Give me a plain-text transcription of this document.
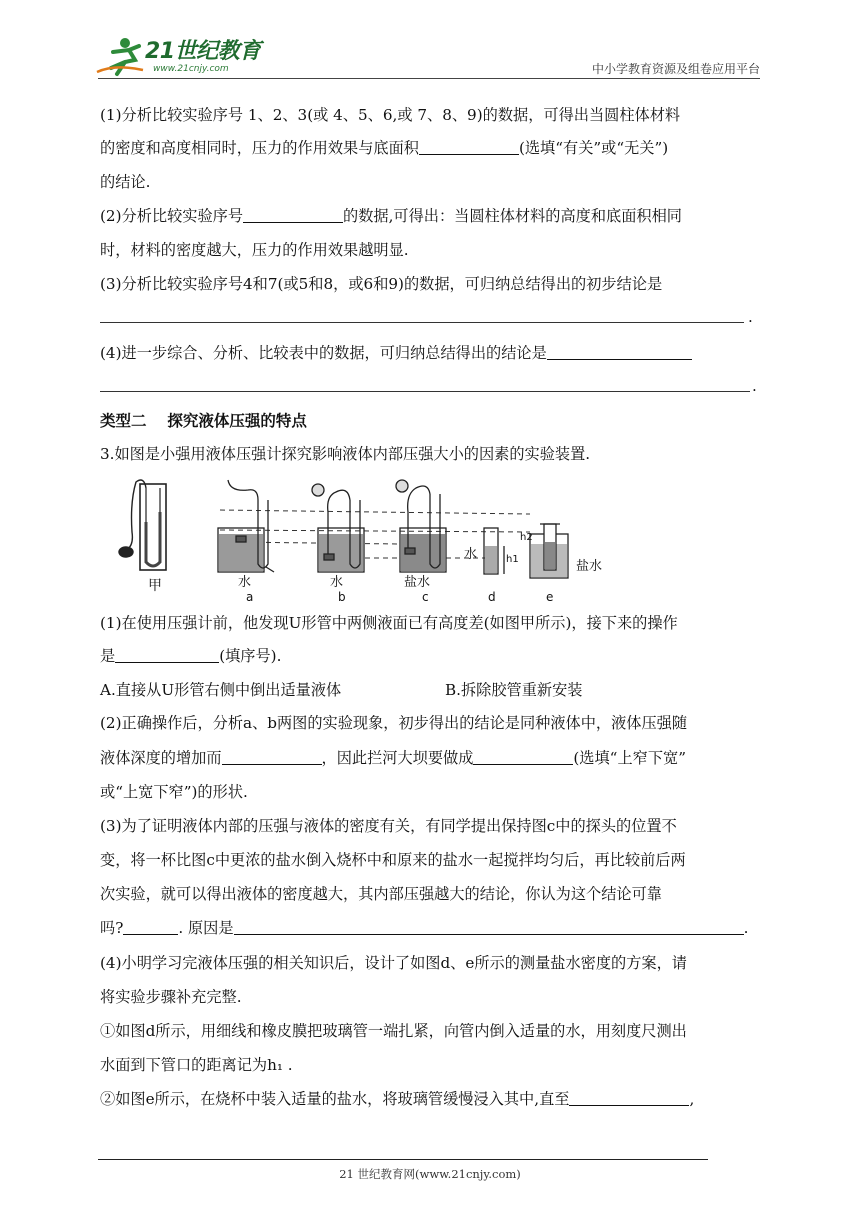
21世纪教育
www.21cnjy.com	中小学教育资源及组卷应用平台
(1)分析比较实验序号 1、2、3(或 4、5、6,或 7、8、9)的数据，可得出当圆柱体材料
的密度和高度相同时，压力的作用效果与底面积	(选填“有关”或“无关”)
的结论.
(2)分析比较实验序号	的数据,可得出：当圆柱体材料的高度和底面积相同
时，材料的密度越大，压力的作用效果越明显.
(3)分析比较实验序号4和7(或5和8，或6和9)的数据，可归纳总结得出的初步结论是
.
(4)进一步综合、分析、比较表中的数据，可归纳总结得出的结论是
.
类型二　 探究液体压强的特点
3.如图是小强用液体压强计探究影响液体内部压强大小的因素的实验装置.
甲	水
a
水
b
盐水
c
水	h1
d
h2
盐水
e
(1)在使用压强计前，他发现U形管中两侧液面已有高度差(如图甲所示)，接下来的操作
是	(填序号).
A.直接从U形管右侧中倒出适量液体	B.拆除胶管重新安装
(2)正确操作后，分析a、b两图的实验现象，初步得出的结论是同种液体中，液体压强随
液体深度的增加而	，因此拦河大坝要做成	(选填“上窄下宽”
或“上宽下窄”)的形状.
(3)为了证明液体内部的压强与液体的密度有关，有同学提出保持图c中的探头的位置不
变，将一杯比图c中更浓的盐水倒入烧杯中和原来的盐水一起搅拌均匀后，再比较前后两
次实验，就可以得出液体的密度越大，其内部压强越大的结论，你认为这个结论可靠
吗?	. 原因是	.
(4)小明学习完液体压强的相关知识后，设计了如图d、e所示的测量盐水密度的方案，请
将实验步骤补充完整.
①如图d所示，用细线和橡皮膜把玻璃管一端扎紧，向管内倒入适量的水，用刻度尺测出
水面到下管口的距离记为h₁ .
②如图e所示，在烧杯中装入适量的盐水，将玻璃管缓慢浸入其中,直至	,
21 世纪教育网(www.21cnjy.com)
